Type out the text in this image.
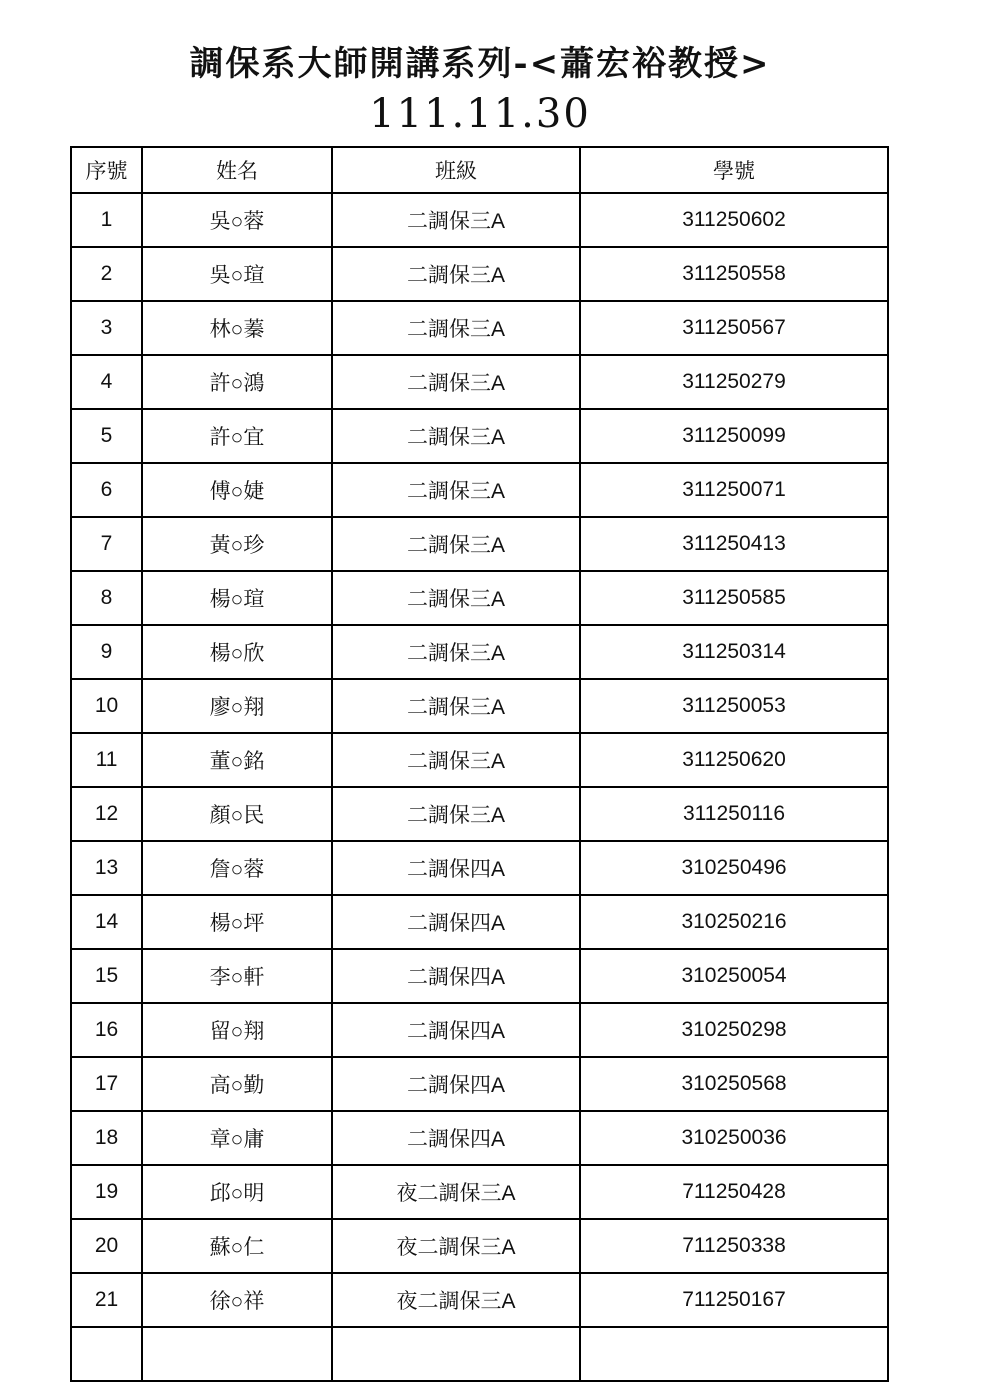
調保系大師開講系列-<蕭宏裕教授>
111.11.30
序號	姓名	班級	學號
1	吳○蓉	二調保三A	311250602
2	吳○瑄	二調保三A	311250558
3	林○蓁	二調保三A	311250567
4	許○鴻	二調保三A	311250279
5	許○宜	二調保三A	311250099
6	傅○婕	二調保三A	311250071
7	黃○珍	二調保三A	311250413
8	楊○瑄	二調保三A	311250585
9	楊○欣	二調保三A	311250314
10	廖○翔	二調保三A	311250053
11	董○銘	二調保三A	311250620
12	顏○民	二調保三A	311250116
13	詹○蓉	二調保四A	310250496
14	楊○坪	二調保四A	310250216
15	李○軒	二調保四A	310250054
16	留○翔	二調保四A	310250298
17	高○勤	二調保四A	310250568
18	章○庸	二調保四A	310250036
19	邱○明	夜二調保三A	711250428
20	蘇○仁	夜二調保三A	711250338
21	徐○祥	夜二調保三A	711250167
